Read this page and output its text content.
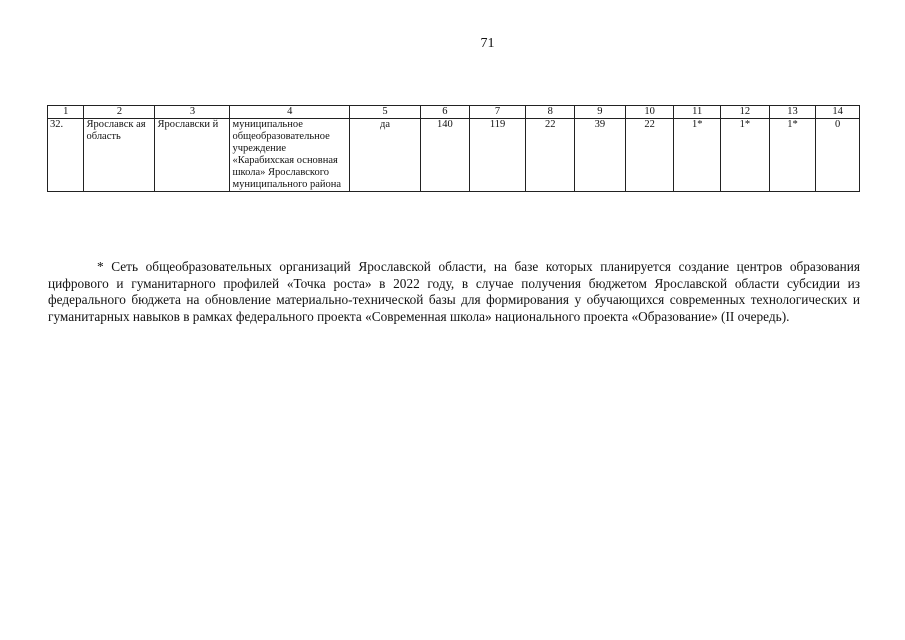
71
1	2	3	4	5	6	7	8	9	10	11	12	13	14
32.	Ярославск ая область	Ярославски й	муниципальное общеобразовательное учреждение «Карабихская основная школа» Ярославского муниципального района	да	140	119	22	39	22	1*	1*	1*	0

* Сеть общеобразовательных организаций Ярославской области, на базе которых планируется создание центров образования цифрового и гуманитарного профилей «Точка роста» в 2022 году, в случае получения бюджетом Ярославской области субсидии из федерального бюджета на обновление материально-технической базы для формирования у обучающихся современных технологических и гуманитарных навыков в рамках федерального проекта «Современная школа» национального проекта «Образование» (II очередь).
